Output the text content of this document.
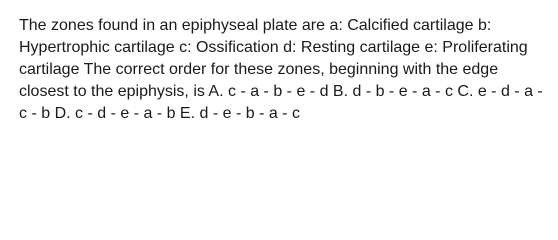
The zones found in an epiphyseal plate are a: Calcified cartilage b: Hypertrophic cartilage c: Ossification d: Resting cartilage e: Proliferating cartilage The correct order for these zones, beginning with the edge closest to the epiphysis, is A. c - a - b - e - d B. d - b - e - a - c C. e - d - a - c - b D. c - d - e - a - b E. d - e - b - a - c
